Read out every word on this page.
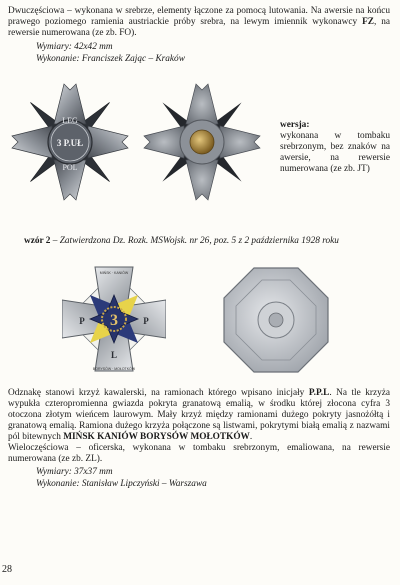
Dwuczęściowa – wykonana w srebrze, elementy łączone za pomocą lutowania. Na awersie na końcu prawego poziomego ramienia austriackie próby srebra, na lewym imiennik wykonawcy FZ, na rewersie numerowana (ze zb. FO).

Wymiary: 42x42 mm

Wykonanie: Franciszek Zając – Kraków

LEG
3 P.UŁ
POL

wersja:

wykonana w tombaku srebrzonym, bez znaków na awersie, na rewersie numerowana (ze zb. JT)

wzór 2 – Zatwierdzona Dz. Rozk. MSWojsk. nr 26, poz. 5 z 2 października 1928 roku

3
P	P
L
MIŃSK · KANIÓW
BORYSÓW · MOŁOTKÓW

Odznakę stanowi krzyż kawalerski, na ramionach którego wpisano inicjały P.P.L. Na tle krzyża wypukła czteropromienna gwiazda pokryta granatową emalią, w środku której złocona cyfra 3 otoczona złotym wieńcem laurowym. Mały krzyż między ramionami dużego pokryty jasnożółtą i granatową emalią. Ramiona dużego krzyża połączone są listwami, pokrytymi białą emalią z nazwami pól bitewnych MIŃSK KANIÓW BORYSÓW MOŁOTKÓW.
Wieloczęściowa – oficerska, wykonana w tombaku srebrzonym, emaliowana, na rewersie numerowana (ze zb. ZL).

Wymiary: 37x37 mm

Wykonanie: Stanisław Lipczyński – Warszawa

28
